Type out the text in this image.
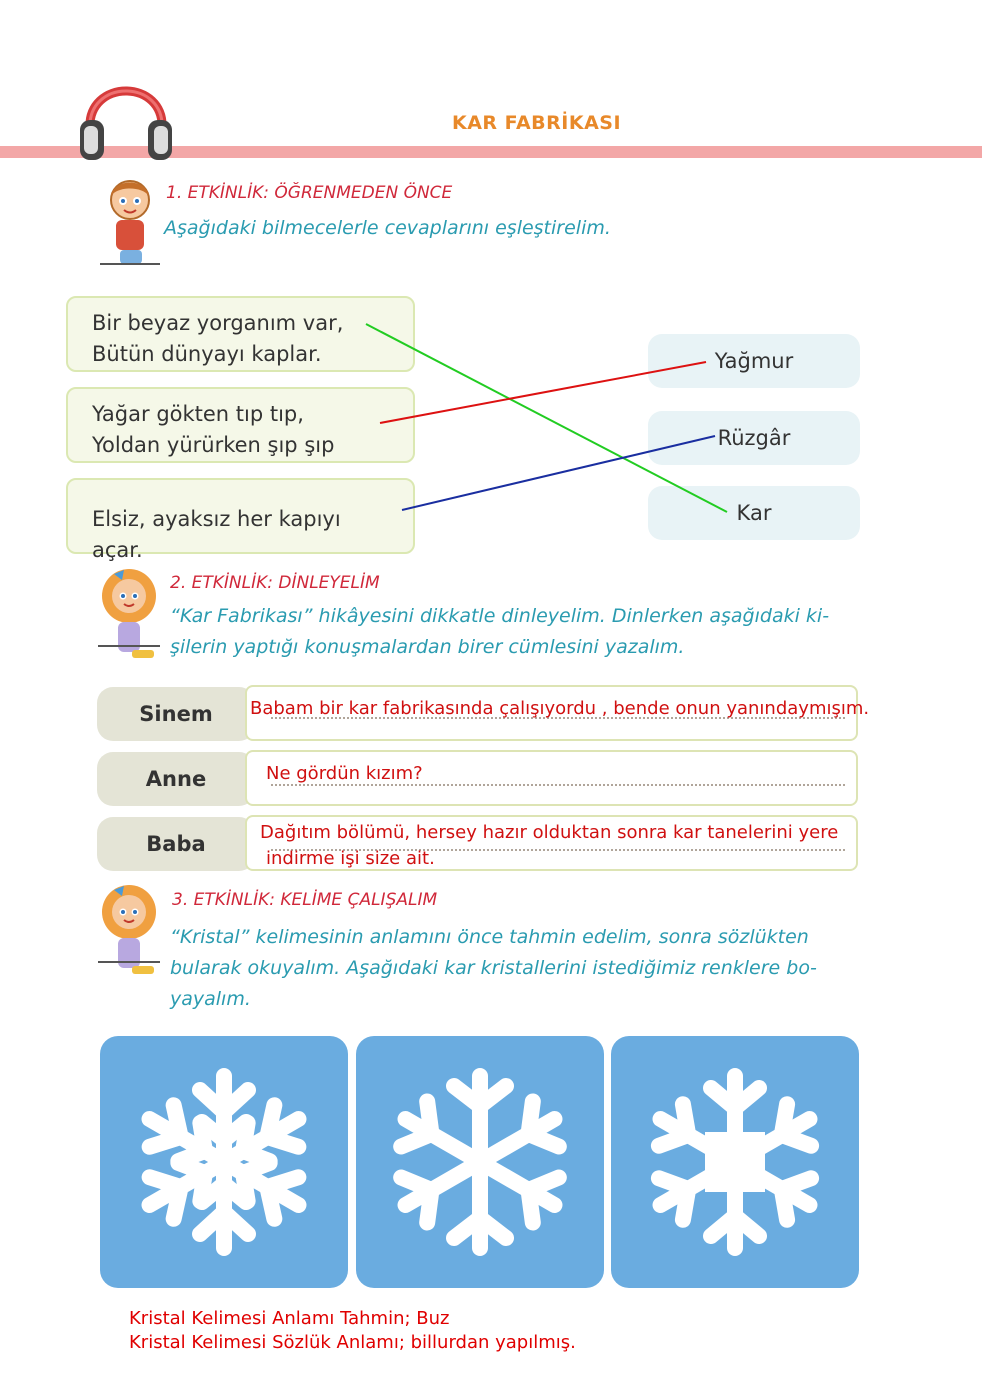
KAR FABRİKASI
1. ETKİNLİK: ÖĞRENMEDEN ÖNCE
Aşağıdaki bilmecelerle cevaplarını eşleştirelim.
Bir beyaz yorganım var,
Bütün dünyayı kaplar.
Yağar gökten tıp tıp,
Yoldan yürürken şıp şıp
Elsiz, ayaksız her kapıyı açar.
Yağmur
Rüzgâr
Kar
2. ETKİNLİK: DİNLEYELİM
“Kar Fabrikası” hikâyesini dikkatle dinleyelim. Dinlerken aşağıdaki ki-
şilerin yaptığı konuşmalardan birer cümlesini yazalım.
Sinem	Babam bir kar fabrikasında çalışıyordu , bende onun yanındaymışım.
Anne	Ne gördün kızım?
Baba	Dağıtım bölümü, hersey hazır olduktan sonra kar tanelerini yere
indirme işi size ait.
3. ETKİNLİK: KELİME ÇALIŞALIM
“Kristal” kelimesinin anlamını önce tahmin edelim, sonra sözlükten
bularak okuyalım. Aşağıdaki kar kristallerini istediğimiz renklere bo-
yayalım.
Kristal Kelimesi Anlamı Tahmin; Buz
Kristal Kelimesi Sözlük Anlamı; billurdan yapılmış.
